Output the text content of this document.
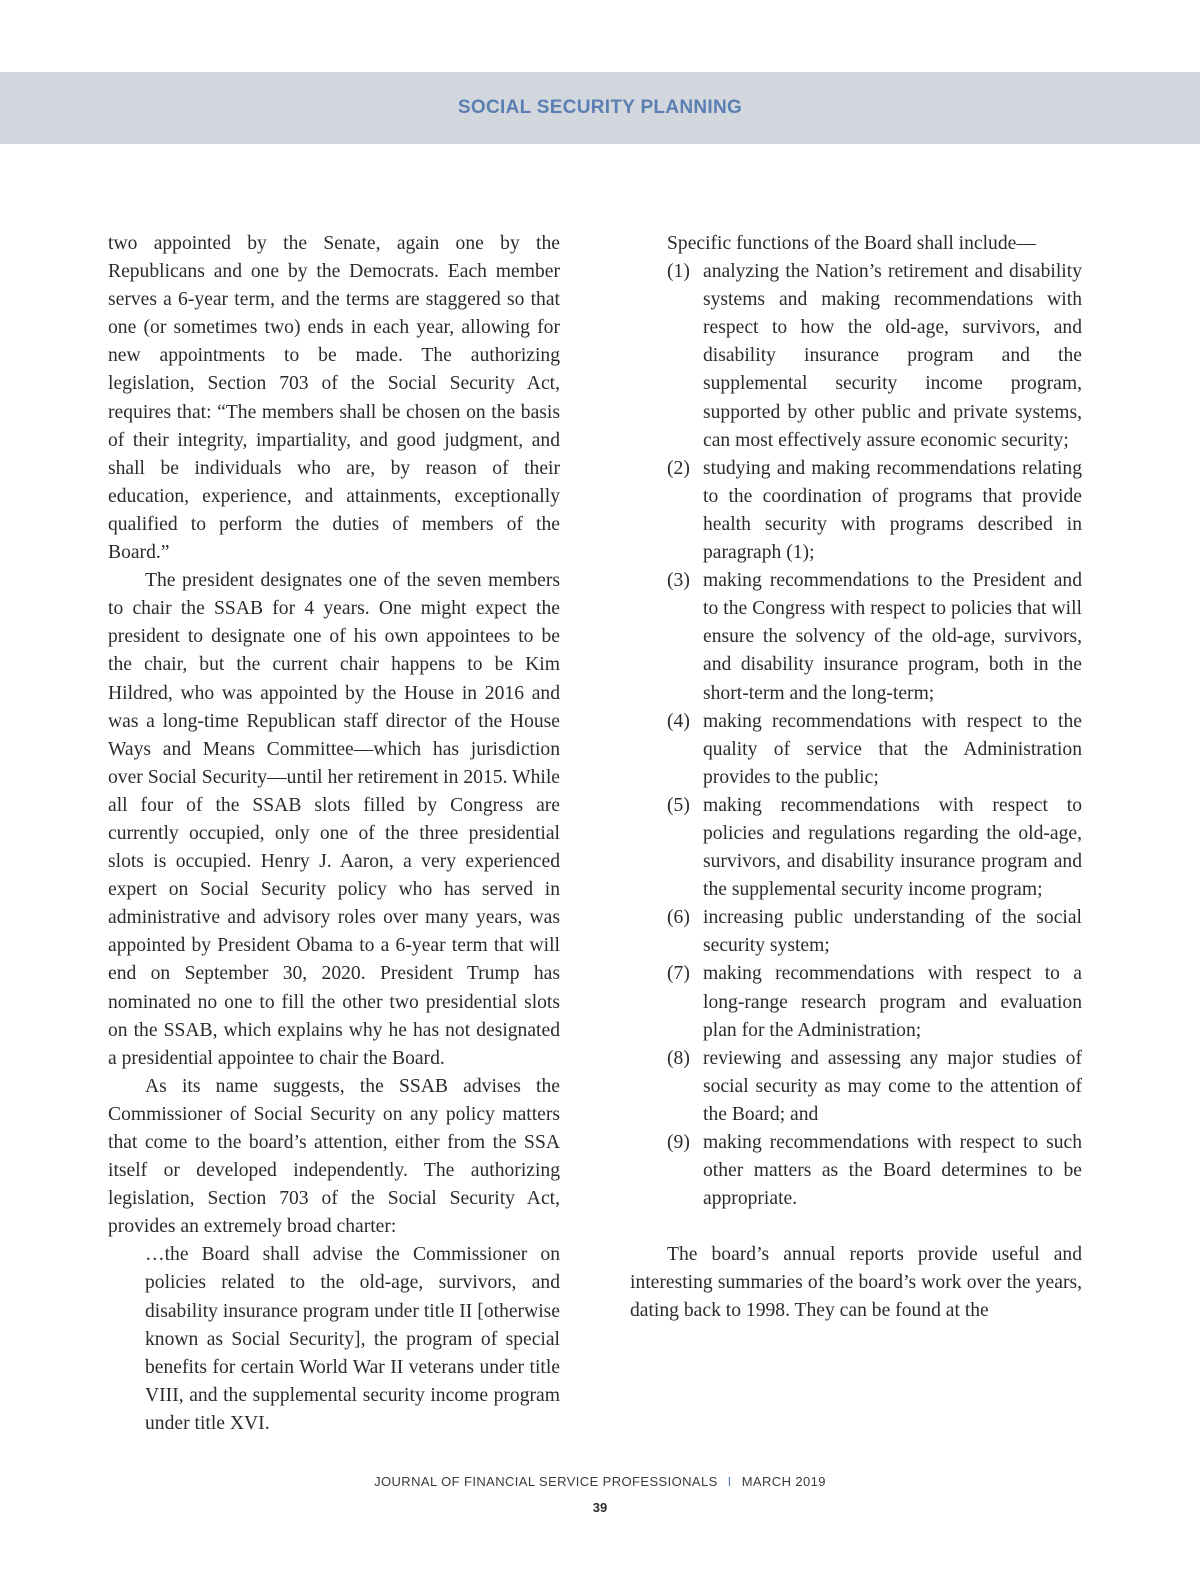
SOCIAL SECURITY PLANNING

two appointed by the Senate, again one by the Republicans and one by the Democrats. Each member serves a 6-year term, and the terms are staggered so that one (or sometimes two) ends in each year, allowing for new appointments to be made. The authorizing legislation, Section 703 of the Social Security Act, requires that: “The members shall be chosen on the basis of their integrity, impartiality, and good judgment, and shall be individuals who are, by reason of their education, experience, and attainments, exceptionally qualified to perform the duties of members of the Board.”

The president designates one of the seven members to chair the SSAB for 4 years. One might expect the president to designate one of his own appointees to be the chair, but the current chair happens to be Kim Hildred, who was appointed by the House in 2016 and was a long-time Republican staff director of the House Ways and Means Committee—which has jurisdiction over Social Security—until her retirement in 2015. While all four of the SSAB slots filled by Congress are currently occupied, only one of the three presidential slots is occupied. Henry J. Aaron, a very experienced expert on Social Security policy who has served in administrative and advisory roles over many years, was appointed by President Obama to a 6-year term that will end on September 30, 2020. President Trump has nominated no one to fill the other two presidential slots on the SSAB, which explains why he has not designated a presidential appointee to chair the Board.

As its name suggests, the SSAB advises the Commissioner of Social Security on any policy matters that come to the board’s attention, either from the SSA itself or developed independently. The authorizing legislation, Section 703 of the Social Security Act, provides an extremely broad charter:

…the Board shall advise the Commissioner on policies related to the old-age, survivors, and disability insurance program under title II [otherwise known as Social Security], the program of special benefits for certain World War II veterans under title VIII, and the supplemental security income program under title XVI.

Specific functions of the Board shall include—

(1) analyzing the Nation’s retirement and disability systems and making recommendations with respect to how the old-age, survivors, and disability insurance program and the supplemental security income program, supported by other public and private systems, can most effectively assure economic security;
(2) studying and making recommendations relating to the coordination of programs that provide health security with programs described in paragraph (1);
(3) making recommendations to the President and to the Congress with respect to policies that will ensure the solvency of the old-age, survivors, and disability insurance program, both in the short-term and the long-term;
(4) making recommendations with respect to the quality of service that the Administration provides to the public;
(5) making recommendations with respect to policies and regulations regarding the old-age, survivors, and disability insurance program and the supplemental security income program;
(6) increasing public understanding of the social security system;
(7) making recommendations with respect to a long-range research program and evaluation plan for the Administration;
(8) reviewing and assessing any major studies of social security as may come to the attention of the Board; and
(9) making recommendations with respect to such other matters as the Board determines to be appropriate.

The board’s annual reports provide useful and interesting summaries of the board’s work over the years, dating back to 1998. They can be found at the

JOURNAL OF FINANCIAL SERVICE PROFESSIONALS I MARCH 2019
39
